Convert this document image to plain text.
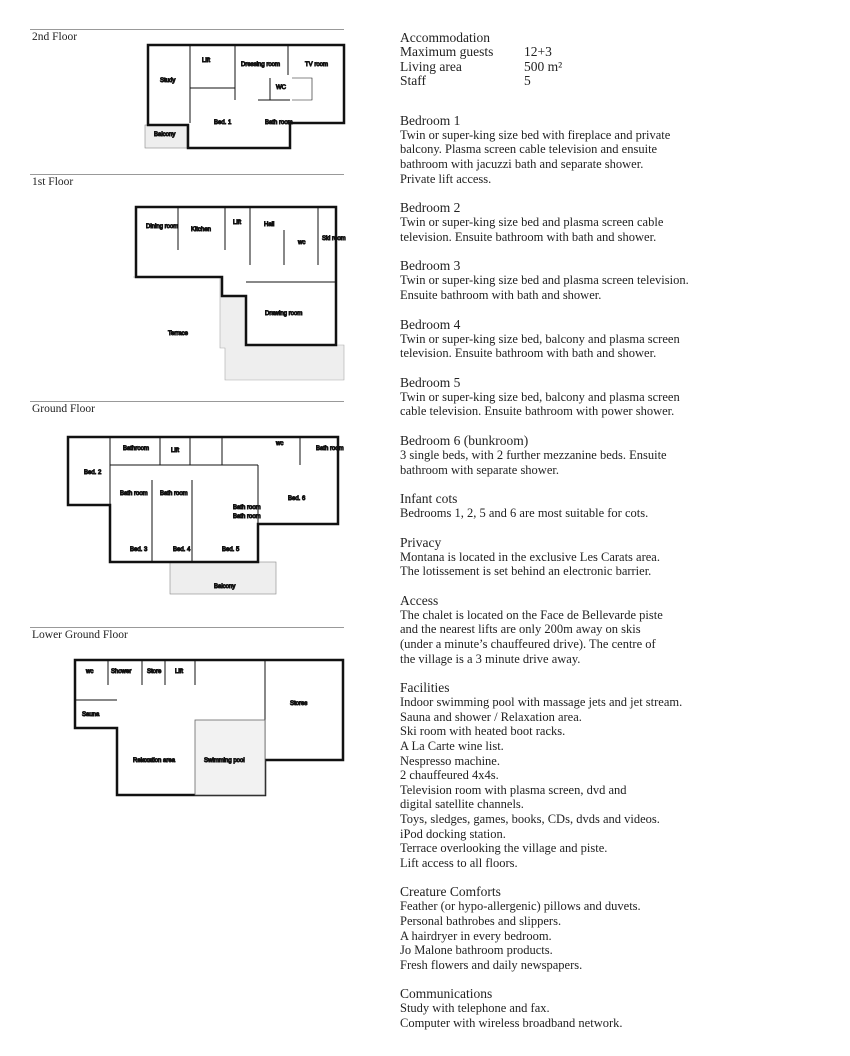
2nd Floor
1st Floor
Ground Floor
Lower Ground Floor
Study
Lift
Dressing room	TV room
WC
Bed. 1	Bath room
Balcony
Dining room Kitchen
Lift	Hall
wc
Ski room
Terrace
Drawing room
Bed. 2
Bathroom	Lift
wc
Bath room Bath room
Bath room
Bath room
Bed. 6
Bath room
Bed. 3	Bed. 4	Bed. 5
Balcony
wc	Shower	Store Lift
Stores
Sauna
Relaxation area	Swimming pool
Accommodation
Maximum guests	12+3
Living area	500 m²
Staff	5
Bedroom 1

Twin or super-king size bed with fireplace and private

balcony. Plasma screen cable television and ensuite

bathroom with jacuzzi bath and separate shower.

Private lift access.

Bedroom 2

Twin or super-king size bed and plasma screen cable

television. Ensuite bathroom with bath and shower.

Bedroom 3

Twin or super-king size bed and plasma screen television.

Ensuite bathroom with bath and shower.

Bedroom 4

Twin or super-king size bed, balcony and plasma screen

television. Ensuite bathroom with bath and shower.

Bedroom 5

Twin or super-king size bed, balcony and plasma screen

cable television. Ensuite bathroom with power shower.

Bedroom 6 (bunkroom)

3 single beds, with 2 further mezzanine beds. Ensuite

bathroom with separate shower.

Infant cots

Bedrooms 1, 2, 5 and 6 are most suitable for cots.

Privacy

Montana is located in the exclusive Les Carats area.

The lotissement is set behind an electronic barrier.

Access

The chalet is located on the Face de Bellevarde piste

and the nearest lifts are only 200m away on skis

(under a minute’s chauffeured drive). The centre of

the village is a 3 minute drive away.

Facilities

Indoor swimming pool with massage jets and jet stream.

Sauna and shower / Relaxation area.

Ski room with heated boot racks.

A La Carte wine list.

Nespresso machine.

2 chauffeured 4x4s.

Television room with plasma screen, dvd and

digital satellite channels.

Toys, sledges, games, books, CDs, dvds and videos.

iPod docking station.

Terrace overlooking the village and piste.

Lift access to all floors.

Creature Comforts

Feather (or hypo-allergenic) pillows and duvets.

Personal bathrobes and slippers.

A hairdryer in every bedroom.

Jo Malone bathroom products.

Fresh flowers and daily newspapers.

Communications

Study with telephone and fax.

Computer with wireless broadband network.
